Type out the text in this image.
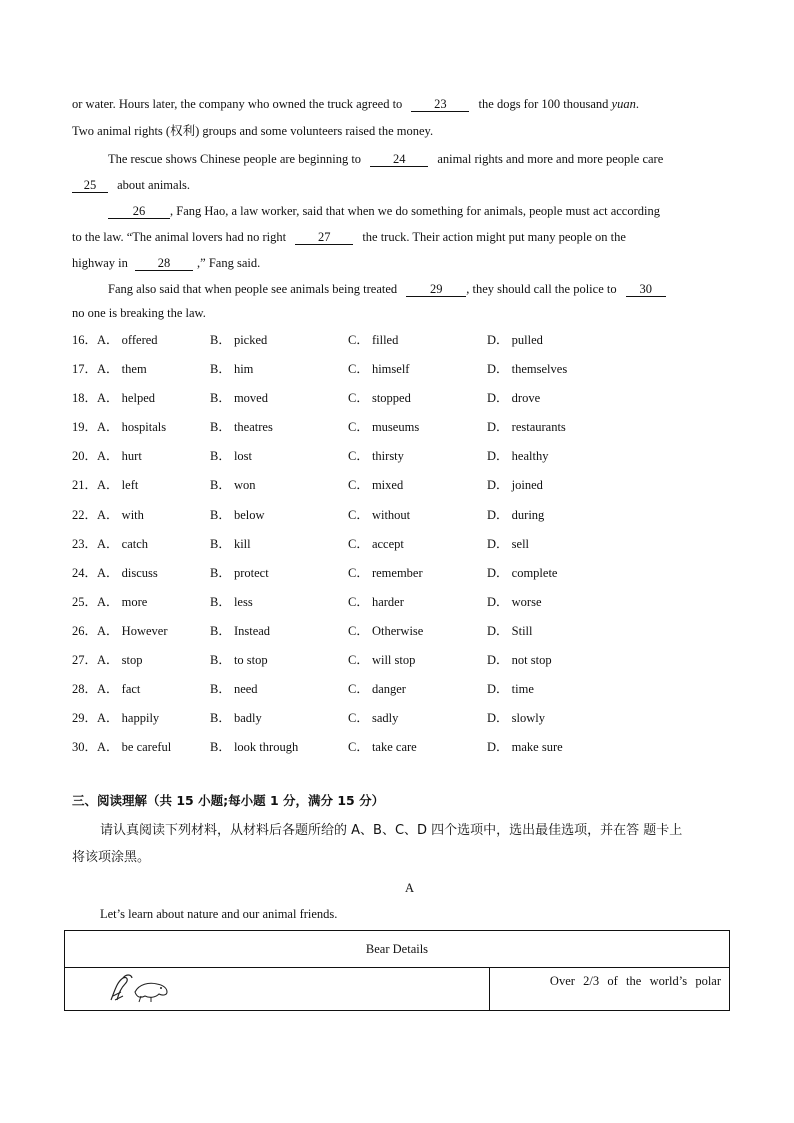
or water. Hours later, the company who owned the truck agreed to	23	the dogs for 100 thousand yuan.
Two animal rights (权利) groups and some volunteers raised the money.
The rescue shows Chinese people are beginning to	24	animal rights and more and more people care
25 about animals.
26 , Fang Hao, a law worker, said that when we do something for animals, people must act according
to the law. “The animal lovers had no right	27	the truck. Their action might put many people on the
highway in 28 ,” Fang said.
Fang also said that when people see animals being treated	29 , they should call the police to 30
no one is breaking the law.
16．A． offered	B． picked	C． filled	D． pulled
17．A． them	B． him	C． himself	D． themselves
18．A． helped	B． moved	C． stopped	D． drove
19．A． hospitals	B． theatres	C． museums	D． restaurants
20．A． hurt	B． lost	C． thirsty	D． healthy
21．A． left	B． won	C． mixed	D． joined
22．A． with	B． below	C． without	D． during
23．A． catch	B． kill	C． accept	D． sell
24．A． discuss	B． protect	C． remember	D． complete
25．A． more	B． less	C． harder	D． worse
26．A． However	B． Instead	C． Otherwise	D． Still
27．A． stop	B． to stop	C． will stop	D． not stop
28．A． fact	B． need	C． danger	D． time
29．A． happily	B． badly	C． sadly	D． slowly
30．A． be careful	B． look through	C． take care	D． make sure
三、阅读理解（共 15 小题;每小题 1 分，满分 15 分）
请认真阅读下列材料，从材料后各题所给的 A、B、C、D 四个选项中，选出最佳选项，并在答 题卡上
将该项涂黑。
A
Let’s learn about nature and our animal friends.
Bear Details

	Over  2/3  of  the  world’s  polar
